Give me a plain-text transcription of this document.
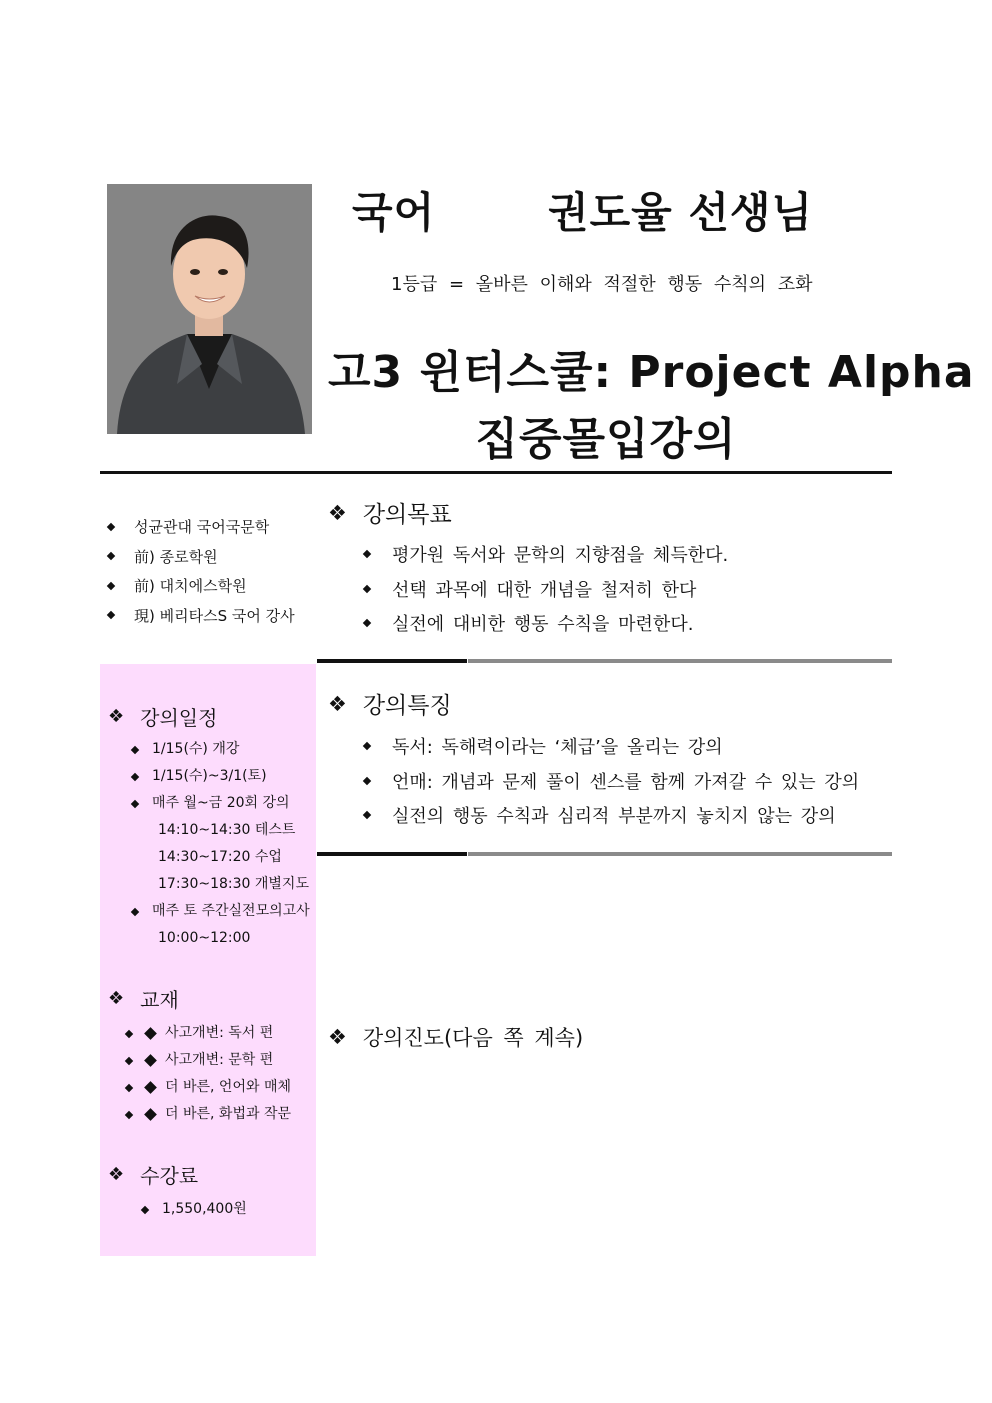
국어	권도율 선생님
1등급 = 올바른 이해와 적절한 행동 수칙의 조화
고3 윈터스쿨: Project Alpha
집중몰입강의
성균관대 국어국문학
前) 종로학원
前) 대치에스학원
現) 베리타스S 국어 강사
❖ 강의목표
평가원 독서와 문학의 지향점을 체득한다.
선택 과목에 대한 개념을 철저히 한다
실전에 대비한 행동 수칙을 마련한다.
❖ 강의특징
독서: 독해력이라는 ‘체급’을 올리는 강의
언매: 개념과 문제 풀이 센스를 함께 가져갈 수 있는 강의
실전의 행동 수칙과 심리적 부분까지 놓치지 않는 강의
❖ 강의일정
1/15(수) 개강
1/15(수)~3/1(토)
매주 월~금 20회 강의
14:10~14:30 테스트
14:30~17:20 수업
17:30~18:30 개별지도
매주 토 주간실전모의고사
10:00~12:00
❖ 교재
사고개변: 독서 편
사고개변: 문학 편
더 바른, 언어와 매체
더 바른, 화법과 작문
❖ 수강료
1,550,400원
❖ 강의진도(다음 쪽 계속)
